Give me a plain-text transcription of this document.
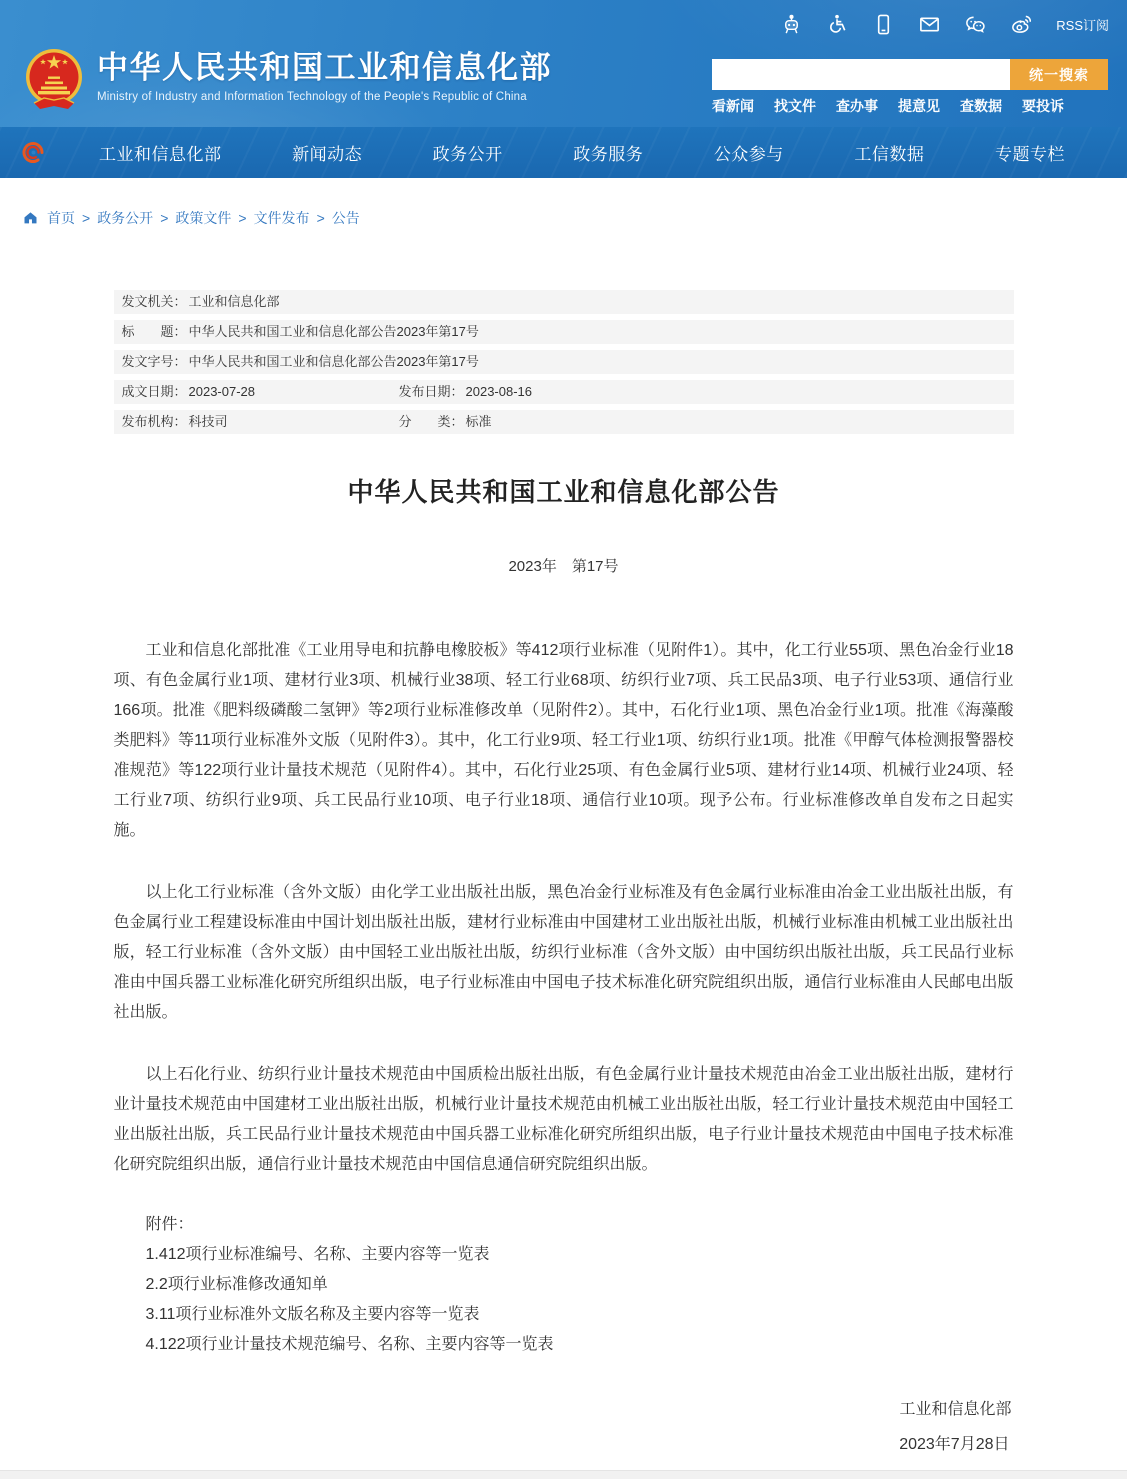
RSS订阅
中华人民共和国工业和信息化部
Ministry of Industry and Information Technology of the People's Republic of China
统一搜索
看新闻 找文件 查办事 提意见 查数据 要投诉
工业和信息化部	新闻动态	政务公开	政务服务	公众参与	工信数据	专题专栏
首页 > 政务公开 > 政策文件 > 文件发布 > 公告
发文机关： 工业和信息化部
标　　题： 中华人民共和国工业和信息化部公告2023年第17号
发文字号： 中华人民共和国工业和信息化部公告2023年第17号
成文日期： 2023-07-28	发布日期： 2023-08-16
发布机构： 科技司	分　　类： 标准
中华人民共和国工业和信息化部公告
2023年　第17号

工业和信息化部批准《工业用导电和抗静电橡胶板》等412项行业标准（见附件1）。其中，化工行业55项、黑色冶金行业18项、有色金属行业1项、建材行业3项、机械行业38项、轻工行业68项、纺织行业7项、兵工民品3项、电子行业53项、通信行业166项。批准《肥料级磷酸二氢钾》等2项行业标准修改单（见附件2）。其中，石化行业1项、黑色冶金行业1项。批准《海藻酸类肥料》等11项行业标准外文版（见附件3）。其中，化工行业9项、轻工行业1项、纺织行业1项。批准《甲醇气体检测报警器校准规范》等122项行业计量技术规范（见附件4）。其中，石化行业25项、有色金属行业5项、建材行业14项、机械行业24项、轻工行业7项、纺织行业9项、兵工民品行业10项、电子行业18项、通信行业10项。现予公布。行业标准修改单自发布之日起实施。

以上化工行业标准（含外文版）由化学工业出版社出版，黑色冶金行业标准及有色金属行业标准由冶金工业出版社出版，有色金属行业工程建设标准由中国计划出版社出版，建材行业标准由中国建材工业出版社出版，机械行业标准由机械工业出版社出版，轻工行业标准（含外文版）由中国轻工业出版社出版，纺织行业标准（含外文版）由中国纺织出版社出版，兵工民品行业标准由中国兵器工业标准化研究所组织出版，电子行业标准由中国电子技术标准化研究院组织出版，通信行业标准由人民邮电出版社出版。

以上石化行业、纺织行业计量技术规范由中国质检出版社出版，有色金属行业计量技术规范由冶金工业出版社出版，建材行业计量技术规范由中国建材工业出版社出版，机械行业计量技术规范由机械工业出版社出版，轻工行业计量技术规范由中国轻工业出版社出版，兵工民品行业计量技术规范由中国兵器工业标准化研究所组织出版，电子行业计量技术规范由中国电子技术标准化研究院组织出版，通信行业计量技术规范由中国信息通信研究院组织出版。

附件：
1.412项行业标准编号、名称、主要内容等一览表
2.2项行业标准修改通知单
3.11项行业标准外文版名称及主要内容等一览表
4.122项行业计量技术规范编号、名称、主要内容等一览表
工业和信息化部
2023年7月28日
